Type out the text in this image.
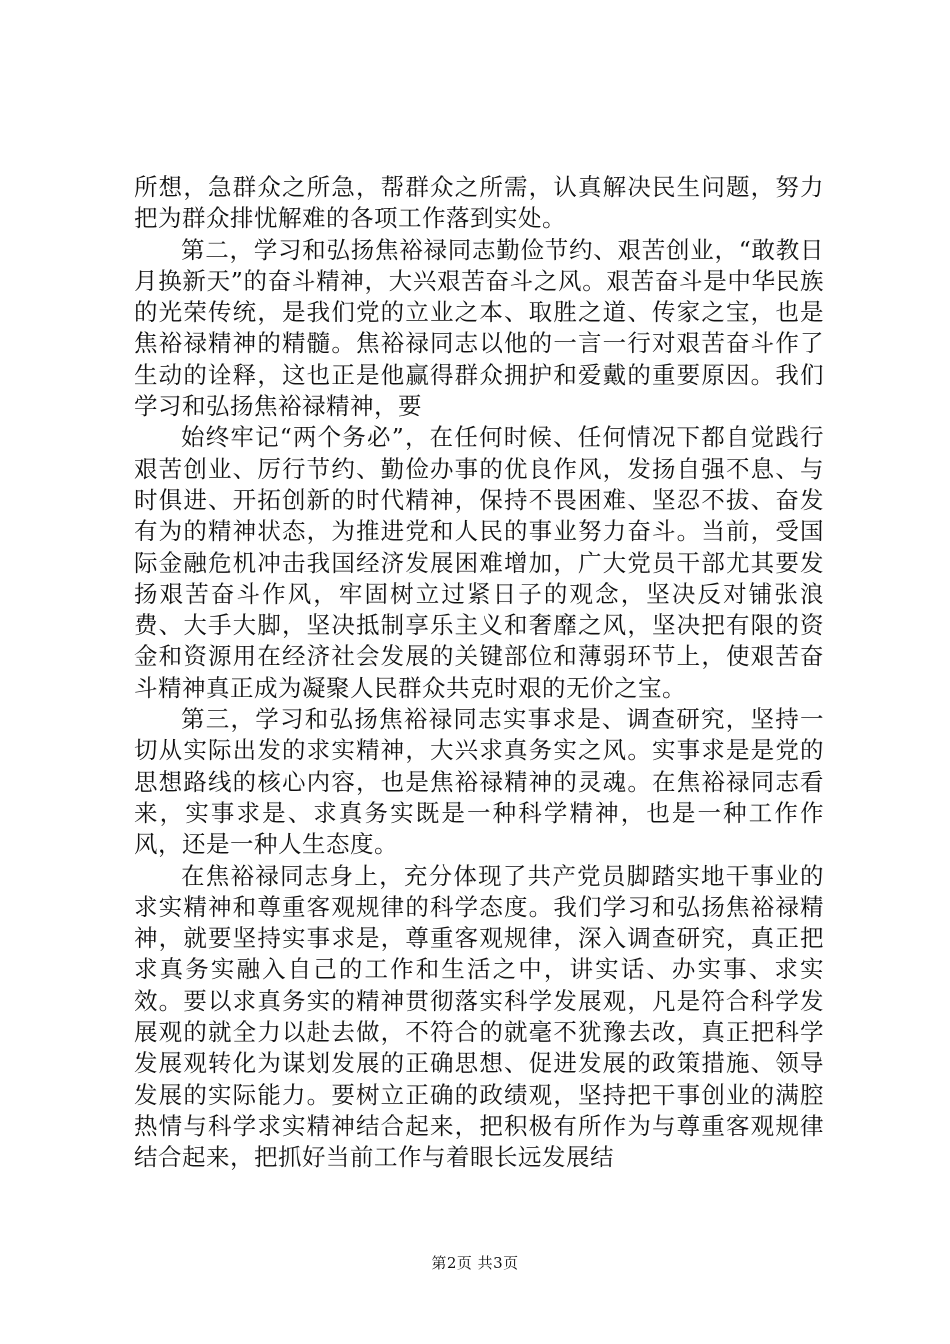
所想，急群众之所急，帮群众之所需，认真解决民生问题，努力把为群众排忧解难的各项工作落到实处。

第二，学习和弘扬焦裕禄同志勤俭节约、艰苦创业，“敢教日月换新天”的奋斗精神，大兴艰苦奋斗之风。艰苦奋斗是中华民族的光荣传统，是我们党的立业之本、取胜之道、传家之宝，也是焦裕禄精神的精髓。焦裕禄同志以他的一言一行对艰苦奋斗作了生动的诠释，这也正是他赢得群众拥护和爱戴的重要原因。我们学习和弘扬焦裕禄精神，要

始终牢记“两个务必”，在任何时候、任何情况下都自觉践行艰苦创业、厉行节约、勤俭办事的优良作风，发扬自强不息、与时俱进、开拓创新的时代精神，保持不畏困难、坚忍不拔、奋发有为的精神状态，为推进党和人民的事业努力奋斗。当前，受国际金融危机冲击我国经济发展困难增加，广大党员干部尤其要发扬艰苦奋斗作风，牢固树立过紧日子的观念，坚决反对铺张浪费、大手大脚，坚决抵制享乐主义和奢靡之风，坚决把有限的资金和资源用在经济社会发展的关键部位和薄弱环节上，使艰苦奋斗精神真正成为凝聚人民群众共克时艰的无价之宝。

第三，学习和弘扬焦裕禄同志实事求是、调查研究，坚持一切从实际出发的求实精神，大兴求真务实之风。实事求是是党的思想路线的核心内容，也是焦裕禄精神的灵魂。在焦裕禄同志看来，实事求是、求真务实既是一种科学精神，也是一种工作作风，还是一种人生态度。

在焦裕禄同志身上，充分体现了共产党员脚踏实地干事业的求实精神和尊重客观规律的科学态度。我们学习和弘扬焦裕禄精神，就要坚持实事求是，尊重客观规律，深入调查研究，真正把求真务实融入自己的工作和生活之中，讲实话、办实事、求实效。要以求真务实的精神贯彻落实科学发展观，凡是符合科学发展观的就全力以赴去做，不符合的就毫不犹豫去改，真正把科学发展观转化为谋划发展的正确思想、促进发展的政策措施、领导发展的实际能力。要树立正确的政绩观，坚持把干事创业的满腔热情与科学求实精神结合起来，把积极有所作为与尊重客观规律结合起来，把抓好当前工作与着眼长远发展结

第2页 共3页
